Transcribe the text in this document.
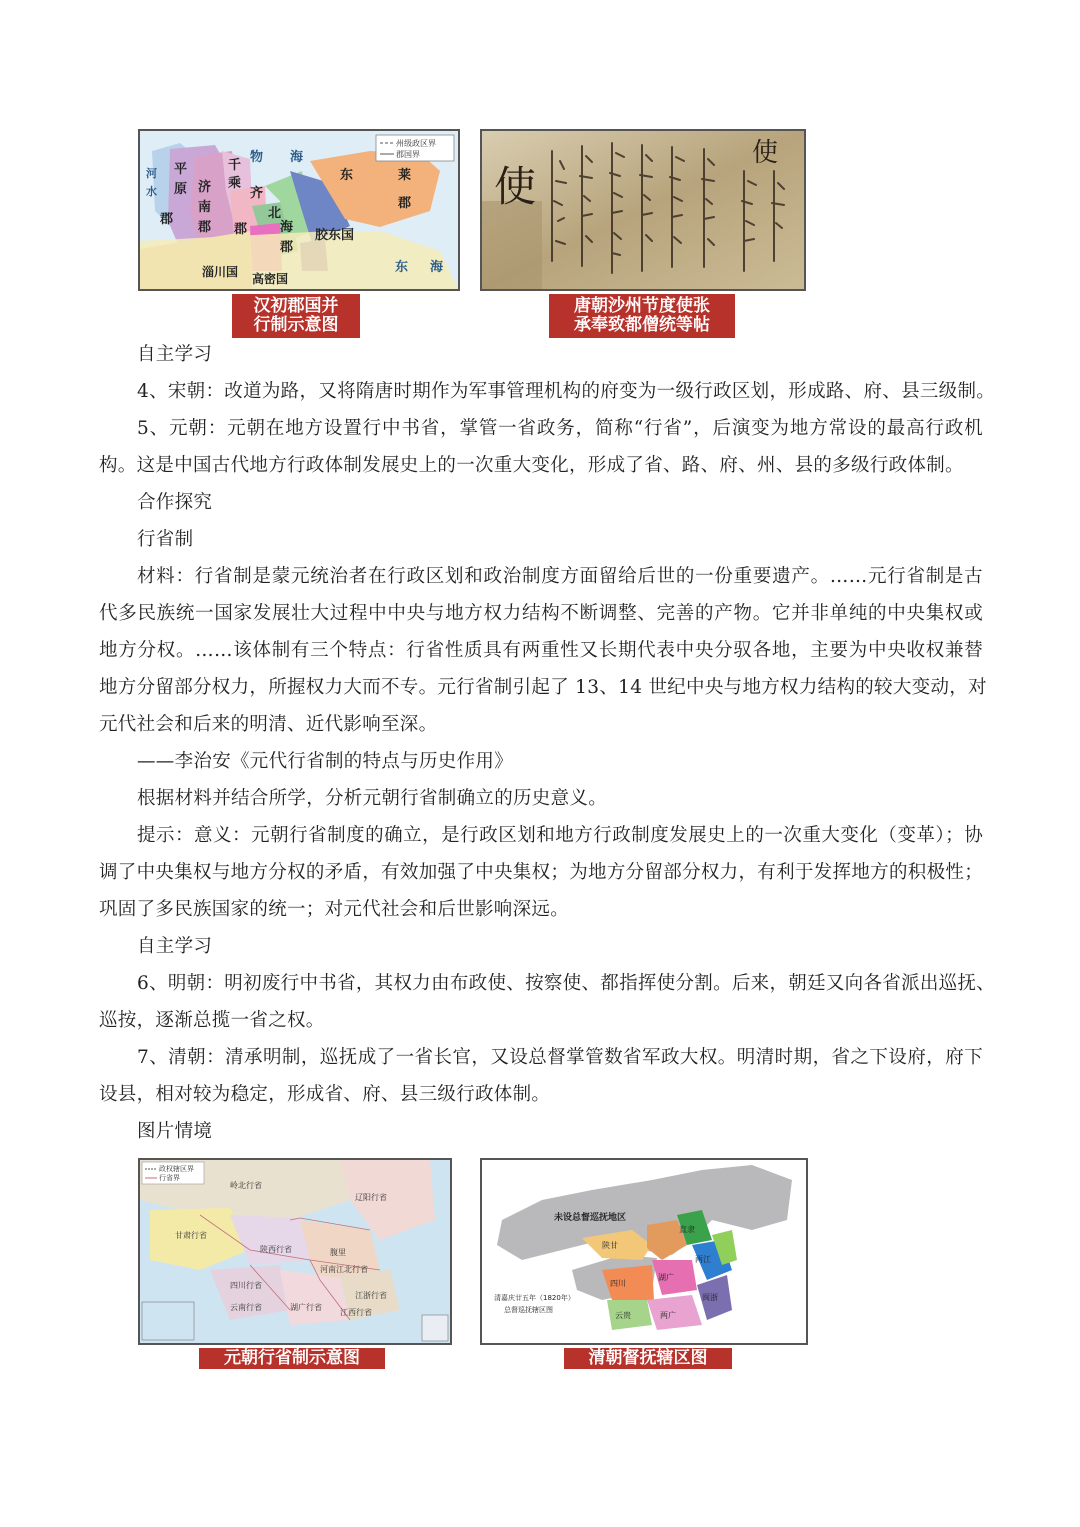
平
原
郡
千
乘
郡
济
南
郡
齐
北
海
郡
胶东国
东	莱
郡
物 海
东 海
河
水
淄川国 高密国
州级政区界
郡国界
汉初郡国并
行制示意图
使
使
唐朝沙州节度使张
承奉致都僧统等帖
自主学习
4、宋朝：改道为路，又将隋唐时期作为军事管理机构的府变为一级行政区划，形成路、府、县三级制。
5、元朝：元朝在地方设置行中书省，掌管一省政务，简称“行省”，后演变为地方常设的最高行政机
构。这是中国古代地方行政体制发展史上的一次重大变化，形成了省、路、府、州、县的多级行政体制。
合作探究
行省制
材料：行省制是蒙元统治者在行政区划和政治制度方面留给后世的一份重要遗产。……元行省制是古
代多民族统一国家发展壮大过程中中央与地方权力结构不断调整、完善的产物。它并非单纯的中央集权或
地方分权。……该体制有三个特点：行省性质具有两重性又长期代表中央分驭各地，主要为中央收权兼替
地方分留部分权力，所握权力大而不专。元行省制引起了 13、14 世纪中央与地方权力结构的较大变动，对
元代社会和后来的明清、近代影响至深。
——李治安《元代行省制的特点与历史作用》
根据材料并结合所学，分析元朝行省制确立的历史意义。
提示：意义：元朝行省制度的确立，是行政区划和地方行政制度发展史上的一次重大变化（变革）；协
调了中央集权与地方分权的矛盾，有效加强了中央集权；为地方分留部分权力，有利于发挥地方的积极性；
巩固了多民族国家的统一；对元代社会和后世影响深远。
自主学习
6、明朝：明初废行中书省，其权力由布政使、按察使、都指挥使分割。后来，朝廷又向各省派出巡抚、
巡按，逐渐总揽一省之权。
7、清朝：清承明制，巡抚成了一省长官，又设总督掌管数省军政大权。明清时期，省之下设府，府下
设县，相对较为稳定，形成省、府、县三级行政体制。
图片情境
岭北行省
辽阳行省
腹里
甘肃行省
陕西行省
河南江北行省
四川行省
云南行省	湖广行省
江浙行省
江西行省
政权辖区界
行省界
元朝行省制示意图
未设总督巡抚地区
陕甘
四川
湖广
两江
闽浙
两广
云贵
直隶
清嘉庆廿五年（1820年）
总督巡抚辖区图
清朝督抚辖区图
